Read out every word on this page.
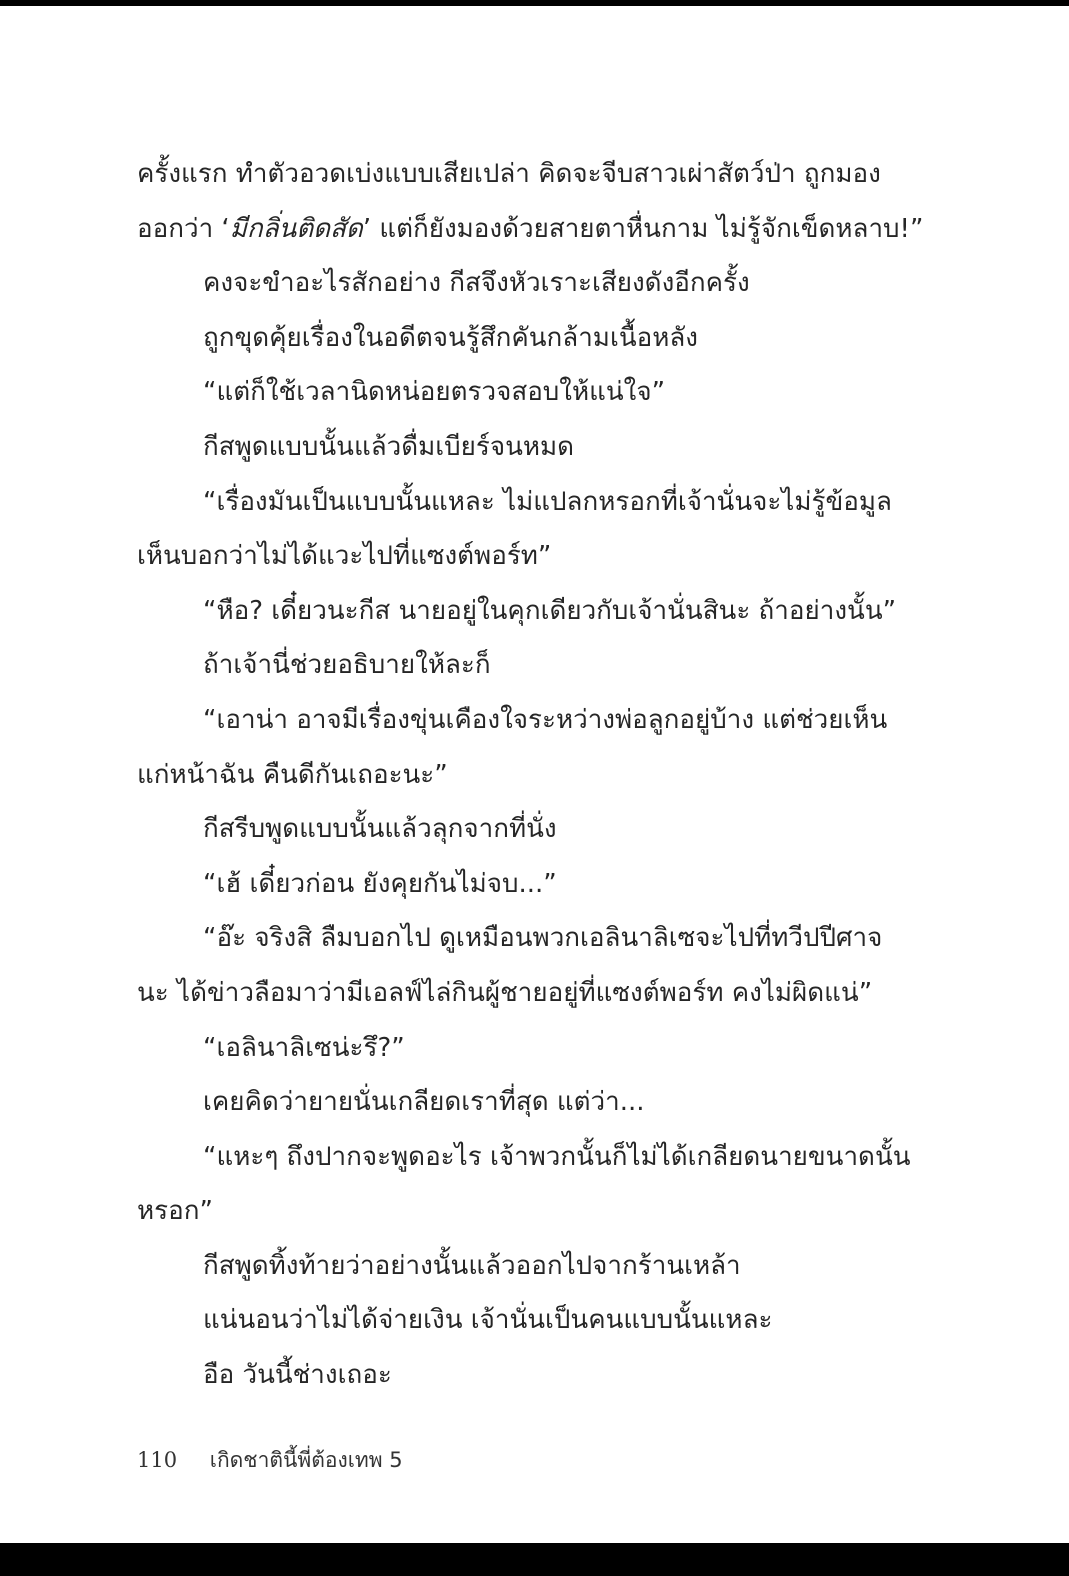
ครั้งแรก ทำตัวอวดเบ่งแบบเสียเปล่า คิดจะจีบสาวเผ่าสัตว์ป่า ถูกมอง
ออกว่า ‘มีกลิ่นติดสัด’ แต่ก็ยังมองด้วยสายตาหื่นกาม ไม่รู้จักเข็ดหลาบ!”
คงจะขำอะไรสักอย่าง กีสจึงหัวเราะเสียงดังอีกครั้ง
ถูกขุดคุ้ยเรื่องในอดีตจนรู้สึกคันกล้ามเนื้อหลัง
“แต่ก็ใช้เวลานิดหน่อยตรวจสอบให้แน่ใจ”
กีสพูดแบบนั้นแล้วดื่มเบียร์จนหมด
“เรื่องมันเป็นแบบนั้นแหละ ไม่แปลกหรอกที่เจ้านั่นจะไม่รู้ข้อมูล
เห็นบอกว่าไม่ได้แวะไปที่แซงต์พอร์ท”
“หือ? เดี๋ยวนะกีส นายอยู่ในคุกเดียวกับเจ้านั่นสินะ ถ้าอย่างนั้น”
ถ้าเจ้านี่ช่วยอธิบายให้ละก็
“เอาน่า อาจมีเรื่องขุ่นเคืองใจระหว่างพ่อลูกอยู่บ้าง แต่ช่วยเห็น
แก่หน้าฉัน คืนดีกันเถอะนะ”
กีสรีบพูดแบบนั้นแล้วลุกจากที่นั่ง
“เฮ้ เดี๋ยวก่อน ยังคุยกันไม่จบ...”
“อ๊ะ จริงสิ ลืมบอกไป ดูเหมือนพวกเอลินาลิเซจะไปที่ทวีปปีศาจ
นะ ได้ข่าวลือมาว่ามีเอลฟ์ไล่กินผู้ชายอยู่ที่แซงต์พอร์ท คงไม่ผิดแน่”
“เอลินาลิเซน่ะรึ?”
เคยคิดว่ายายนั่นเกลียดเราที่สุด แต่ว่า...
“แหะๆ ถึงปากจะพูดอะไร เจ้าพวกนั้นก็ไม่ได้เกลียดนายขนาดนั้น
หรอก”
กีสพูดทิ้งท้ายว่าอย่างนั้นแล้วออกไปจากร้านเหล้า
แน่นอนว่าไม่ได้จ่ายเงิน เจ้านั่นเป็นคนแบบนั้นแหละ
อือ วันนี้ช่างเถอะ
110 เกิดชาตินี้พี่ต้องเทพ 5
